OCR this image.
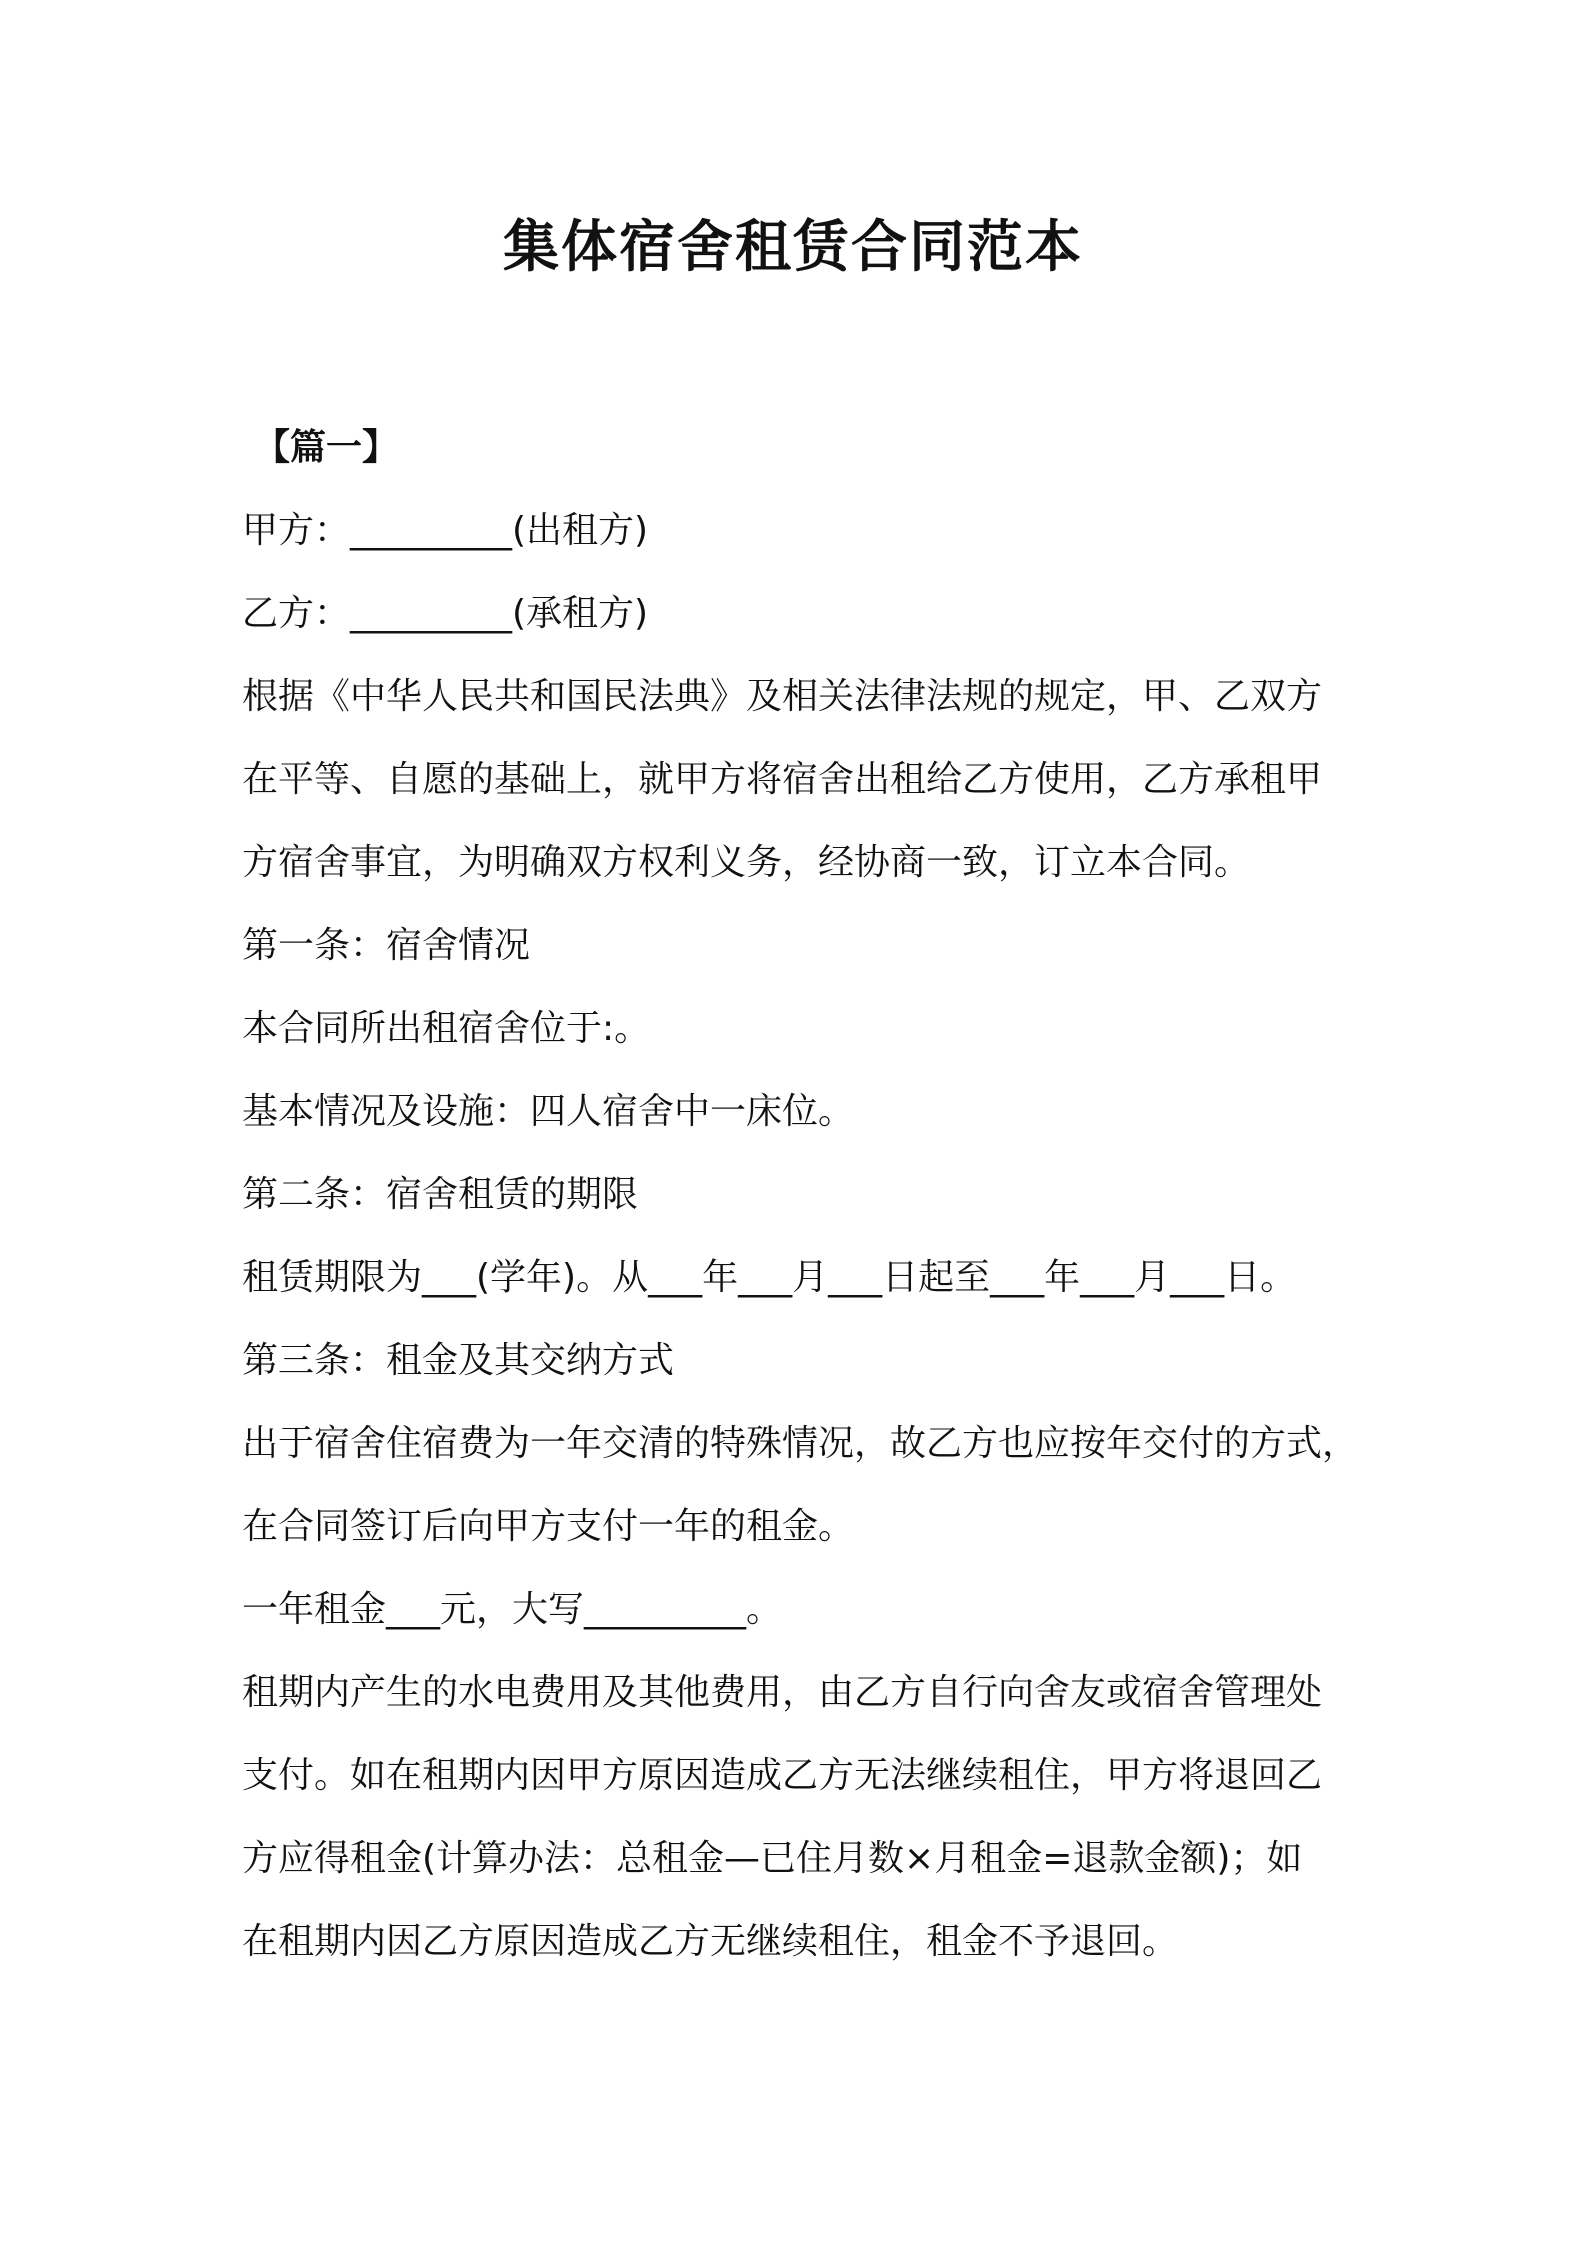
集体宿舍租赁合同范本
【篇一】
甲方：_________(出租方)
乙方：_________(承租方)
根据《中华人民共和国民法典》及相关法律法规的规定，甲、乙双方
在平等、自愿的基础上，就甲方将宿舍出租给乙方使用，乙方承租甲
方宿舍事宜，为明确双方权利义务，经协商一致，订立本合同。
第一条：宿舍情况
本合同所出租宿舍位于:。
基本情况及设施：四人宿舍中一床位。
第二条：宿舍租赁的期限
租赁期限为___(学年)。从___年___月___日起至___年___月___日。
第三条：租金及其交纳方式
出于宿舍住宿费为一年交清的特殊情况，故乙方也应按年交付的方式，
在合同签订后向甲方支付一年的租金。
一年租金___元，大写_________。
租期内产生的水电费用及其他费用，由乙方自行向舍友或宿舍管理处
支付。如在租期内因甲方原因造成乙方无法继续租住，甲方将退回乙
方应得租金(计算办法：总租金—已住月数×月租金=退款金额)；如
在租期内因乙方原因造成乙方无继续租住，租金不予退回。
